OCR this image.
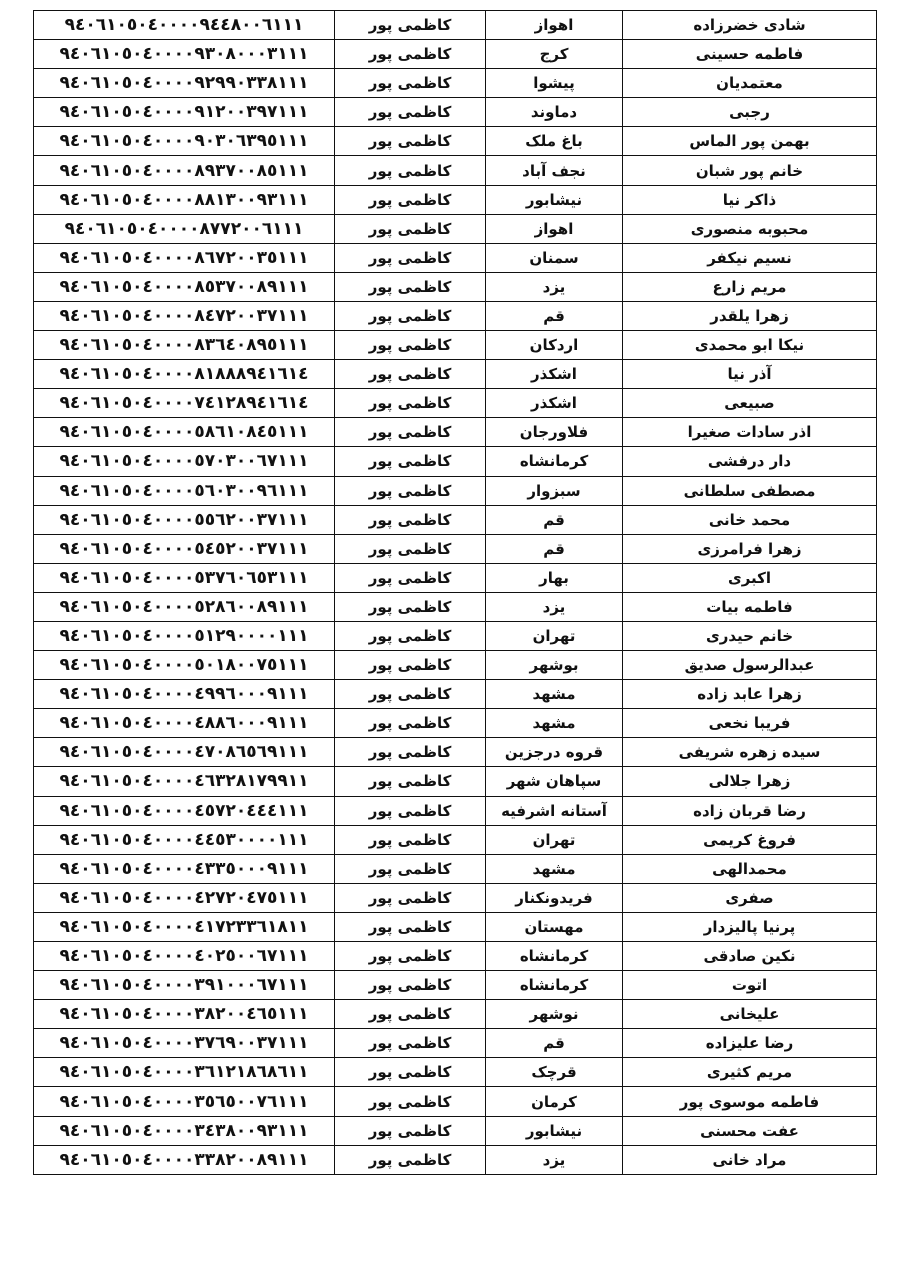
۹٤۰٦۱۰٥۰٤۰۰۰۰۹٤٤۸۰۰٦۱۱۱	کاظمی پور	اهواز	شادی خضرزاده
۹٤۰٦۱۰٥۰٤۰۰۰۰۹۳۰۸۰۰۰۳۱۱۱	کاظمی پور	کرج	فاطمه حسینی
۹٤۰٦۱۰٥۰٤۰۰۰۰۹۲۹۹۰۳۳۸۱۱۱	کاظمی پور	پیشوا	معتمدیان
۹٤۰٦۱۰٥۰٤۰۰۰۰۹۱۲۰۰۳۹۷۱۱۱	کاظمی پور	دماوند	رجبی
۹٤۰٦۱۰٥۰٤۰۰۰۰۹۰۳۰٦۳۹٥۱۱۱	کاظمی پور	باغ ملک	بهمن پور الماس
۹٤۰٦۱۰٥۰٤۰۰۰۰۸۹۳۷۰۰۸٥۱۱۱	کاظمی پور	نجف آباد	خانم پور شبان
۹٤۰٦۱۰٥۰٤۰۰۰۰۸۸۱۳۰۰۹۳۱۱۱	کاظمی پور	نیشابور	ذاکر نیا
۹٤۰٦۱۰٥۰٤۰۰۰۰۸۷۷۲۰۰٦۱۱۱	کاظمی پور	اهواز	محبوبه منصوری
۹٤۰٦۱۰٥۰٤۰۰۰۰۸٦۷۲۰۰۳٥۱۱۱	کاظمی پور	سمنان	نسیم نیکفر
۹٤۰٦۱۰٥۰٤۰۰۰۰۸٥۳۷۰۰۸۹۱۱۱	کاظمی پور	یزد	مریم زارع
۹٤۰٦۱۰٥۰٤۰۰۰۰۸٤۷۲۰۰۳۷۱۱۱	کاظمی پور	قم	زهرا یلقدر
۹٤۰٦۱۰٥۰٤۰۰۰۰۸۳٦٤۰۸۹٥۱۱۱	کاظمی پور	اردکان	نیکا ابو محمدی
۹٤۰٦۱۰٥۰٤۰۰۰۰۸۱۸۸۸۹٤۱٦۱٤	کاظمی پور	اشکذر	آذر نیا
۹٤۰٦۱۰٥۰٤۰۰۰۰۷٤۱۲۸۹٤۱٦۱٤	کاظمی پور	اشکذر	صبیعی
۹٤۰٦۱۰٥۰٤۰۰۰۰٥۸٦۱۰۸٤٥۱۱۱	کاظمی پور	فلاورجان	اذر سادات صغیرا
۹٤۰٦۱۰٥۰٤۰۰۰۰٥۷۰۳۰۰٦۷۱۱۱	کاظمی پور	کرمانشاه	دار درفشی
۹٤۰٦۱۰٥۰٤۰۰۰۰٥٦۰۳۰۰۹٦۱۱۱	کاظمی پور	سبزوار	مصطفی سلطانی
۹٤۰٦۱۰٥۰٤۰۰۰۰٥٥٦۲۰۰۳۷۱۱۱	کاظمی پور	قم	محمد خانی
۹٤۰٦۱۰٥۰٤۰۰۰۰٥٤٥۲۰۰۳۷۱۱۱	کاظمی پور	قم	زهرا فرامرزی
۹٤۰٦۱۰٥۰٤۰۰۰۰٥۳۷٦۰٦٥۳۱۱۱	کاظمی پور	بهار	اکبری
۹٤۰٦۱۰٥۰٤۰۰۰۰٥۲۸٦۰۰۸۹۱۱۱	کاظمی پور	یزد	فاطمه بیات
۹٤۰٦۱۰٥۰٤۰۰۰۰٥۱۲۹۰۰۰۰۱۱۱	کاظمی پور	تهران	خانم حیدری
۹٤۰٦۱۰٥۰٤۰۰۰۰٥۰۱۸۰۰۷٥۱۱۱	کاظمی پور	بوشهر	عبدالرسول صدیق
۹٤۰٦۱۰٥۰٤۰۰۰۰٤۹۹٦۰۰۰۹۱۱۱	کاظمی پور	مشهد	زهرا عابد زاده
۹٤۰٦۱۰٥۰٤۰۰۰۰٤۸۸٦۰۰۰۹۱۱۱	کاظمی پور	مشهد	فریبا نخعی
۹٤۰٦۱۰٥۰٤۰۰۰۰٤۷۰۸٦٥٦۹۱۱۱	کاظمی پور	قروه درجزین	سیده زهره شریفی
۹٤۰٦۱۰٥۰٤۰۰۰۰٤٦۳۲۸۱۷۹۹۱۱	کاظمی پور	سپاهان شهر	زهرا جلالی
۹٤۰٦۱۰٥۰٤۰۰۰۰٤٥۷۲۰٤٤٤۱۱۱	کاظمی پور	آستانه اشرفیه	رضا قربان زاده
۹٤۰٦۱۰٥۰٤۰۰۰۰٤٤٥۳۰۰۰۰۱۱۱	کاظمی پور	تهران	فروغ کریمی
۹٤۰٦۱۰٥۰٤۰۰۰۰٤۳۳٥۰۰۰۹۱۱۱	کاظمی پور	مشهد	محمدالهی
۹٤۰٦۱۰٥۰٤۰۰۰۰٤۲۷۲۰٤۷٥۱۱۱	کاظمی پور	فریدونکنار	صفری
۹٤۰٦۱۰٥۰٤۰۰۰۰٤۱۷۲۳۳٦۱۸۱۱	کاظمی پور	مهستان	پرنیا پالیزدار
۹٤۰٦۱۰٥۰٤۰۰۰۰٤۰۲٥۰۰٦۷۱۱۱	کاظمی پور	کرمانشاه	نکین صادقی
۹٤۰٦۱۰٥۰٤۰۰۰۰۳۹۱۰۰۰٦۷۱۱۱	کاظمی پور	کرمانشاه	اتوت
۹٤۰٦۱۰٥۰٤۰۰۰۰۳۸۲۰۰٤٦٥۱۱۱	کاظمی پور	نوشهر	علیخانی
۹٤۰٦۱۰٥۰٤۰۰۰۰۳۷٦۹۰۰۳۷۱۱۱	کاظمی پور	قم	رضا علیزاده
۹٤۰٦۱۰٥۰٤۰۰۰۰۳٦۱۲۱۸٦۸٦۱۱	کاظمی پور	قرچک	مریم کثیری
۹٤۰٦۱۰٥۰٤۰۰۰۰۳٥٦٥۰۰۷٦۱۱۱	کاظمی پور	کرمان	فاطمه موسوی پور
۹٤۰٦۱۰٥۰٤۰۰۰۰۳٤۳۸۰۰۹۳۱۱۱	کاظمی پور	نیشابور	عفت محسنی
۹٤۰٦۱۰٥۰٤۰۰۰۰۳۳۸۲۰۰۸۹۱۱۱	کاظمی پور	یزد	مراد خانی
